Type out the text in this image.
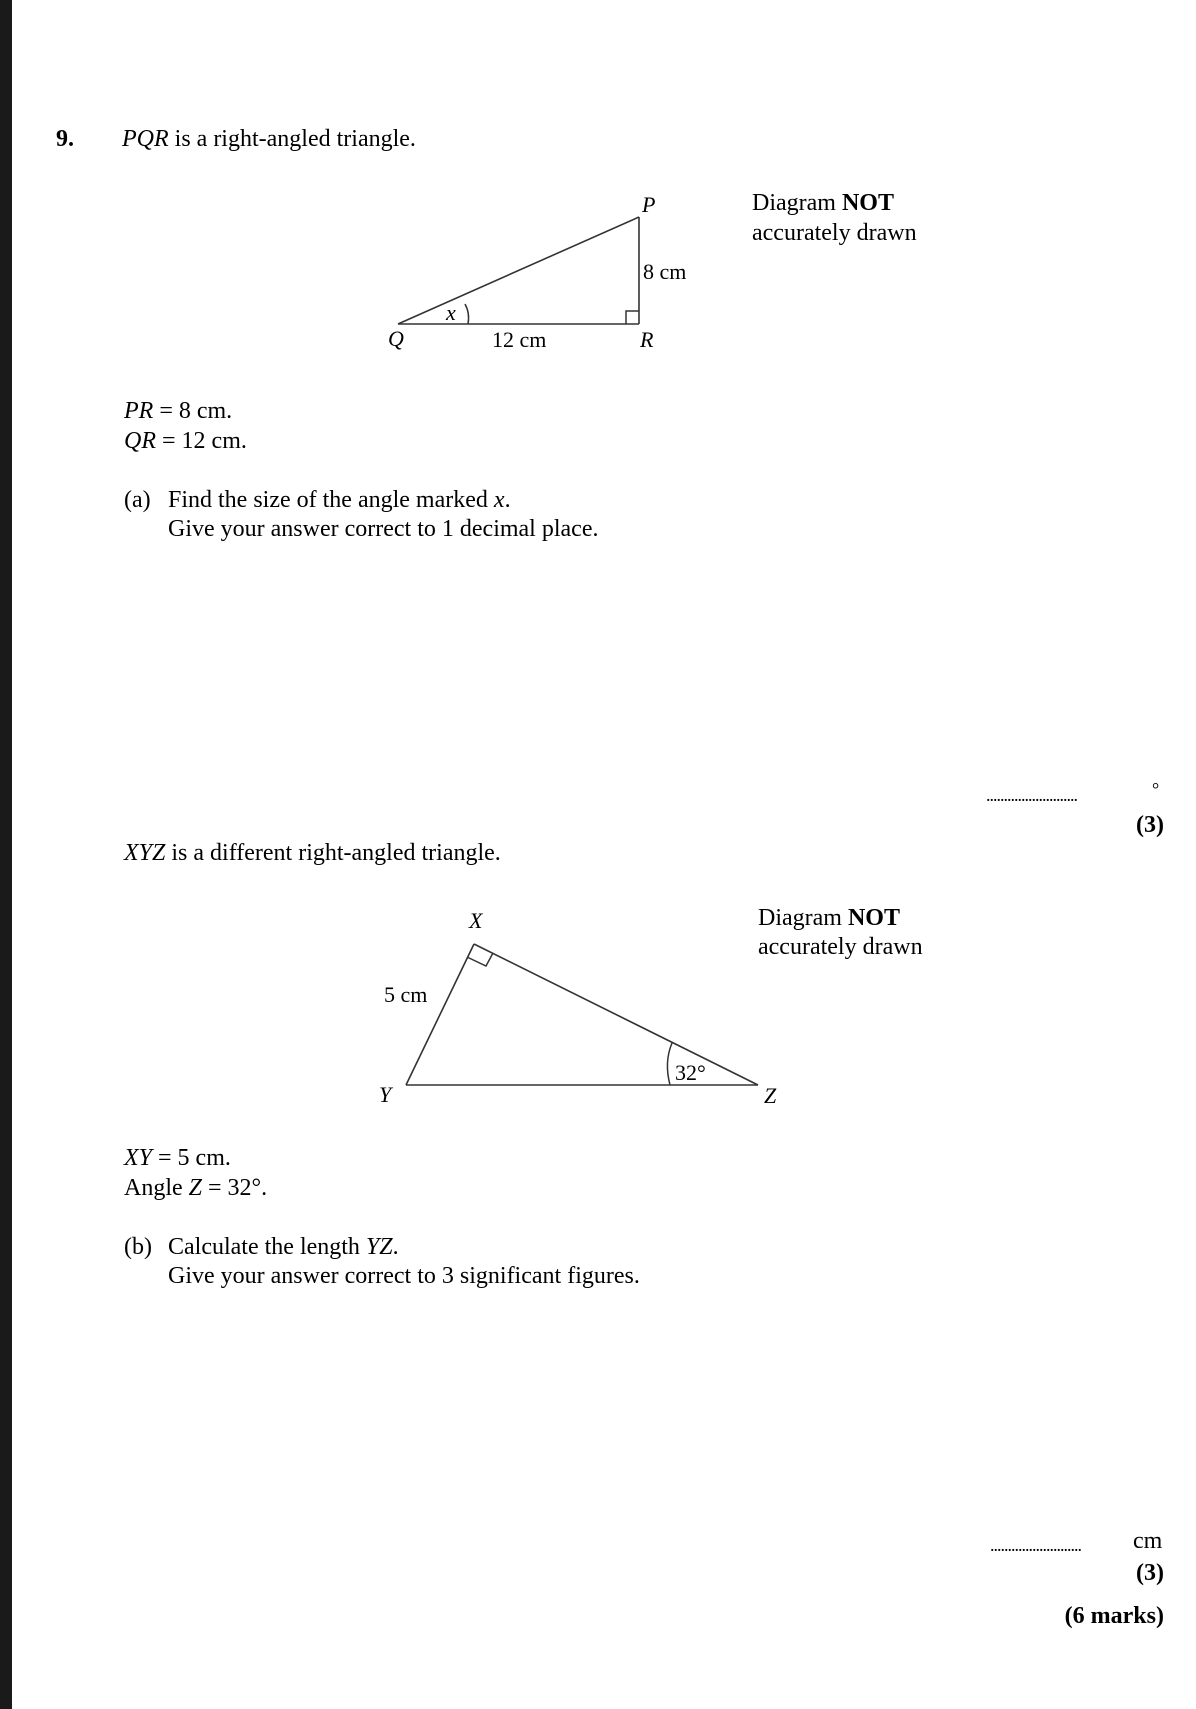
9. PQR is a right-angled triangle.
P
Q	R
x
8 cm
12 cm
X
Y	Z
5 cm
32°
Diagram NOT
accurately drawn
PR = 8 cm.
QR = 12 cm.
(a) Find the size of the angle marked x.
Give your answer correct to 1 decimal place.
..........................	°
(3)
XYZ is a different right-angled triangle.
Diagram NOT
accurately drawn
XY = 5 cm.
Angle Z = 32°.
(b) Calculate the length YZ.
Give your answer correct to 3 significant figures.
.......................... cm
(3)
(6 marks)
